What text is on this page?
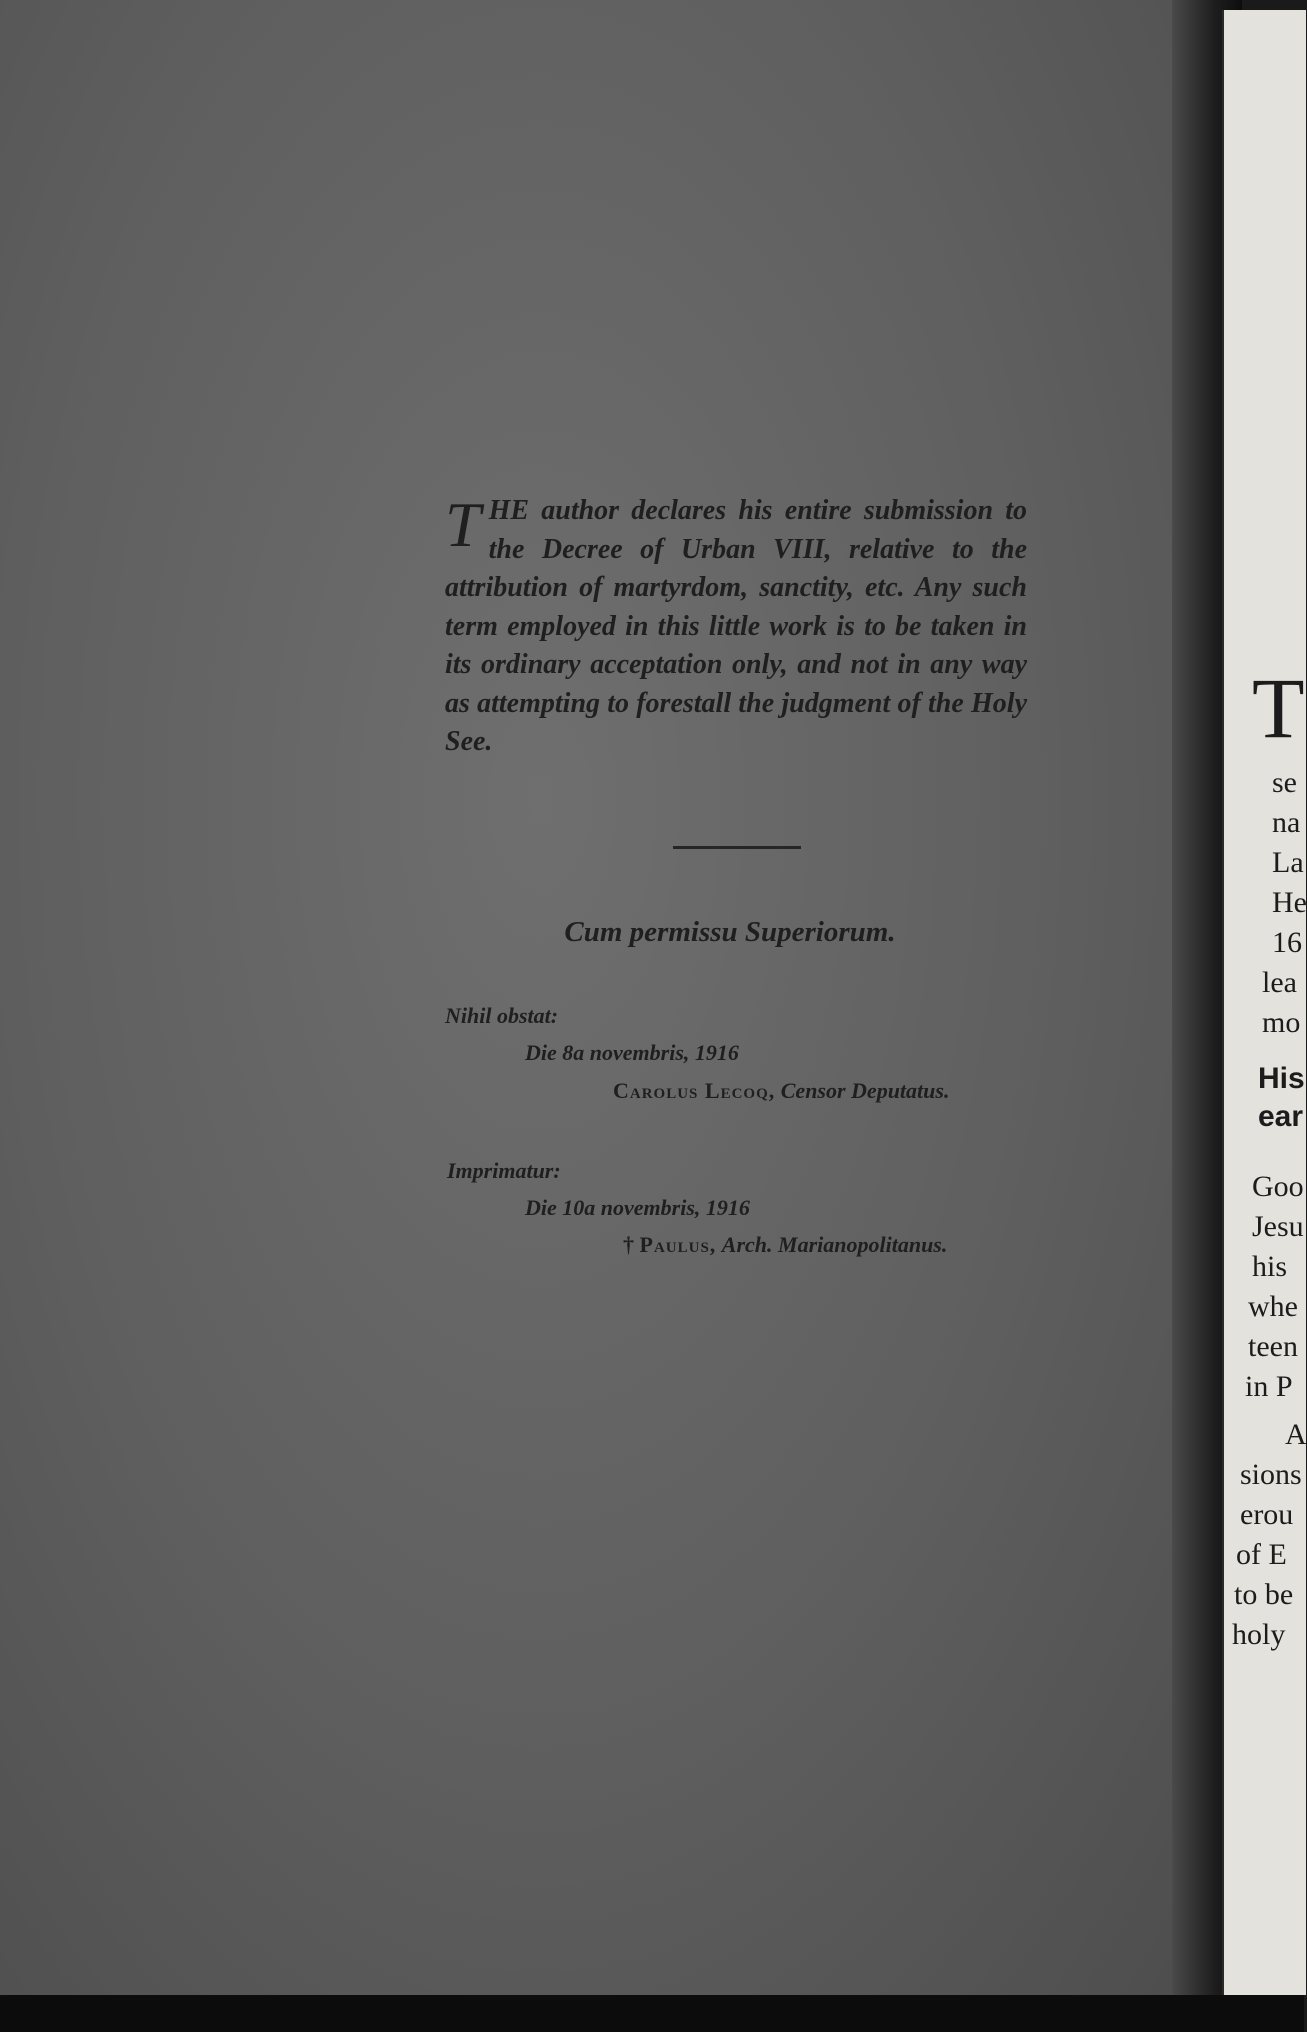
T HE author declares his entire submission to the Decree of Urban VIII, relative to the attribution of martyrdom, sanctity, etc. Any such term employed in this little work is to be taken in its ordinary acceptation only, and not in any way as attempting to forestall the judgment of the Holy See.
Cum permissu Superiorum.
Nihil obstat:
Die 8a novembris, 1916
Carolus Lecoq, Censor Deputatus.
Imprimatur:
Die 10a novembris, 1916
† Paulus, Arch. Marianopolitanus.
T
se
na
La
He
16
lea
mo
His
ear
Goo
Jesu
his
whe
teen
in P
A
sions
erou
of E
to be
holy
